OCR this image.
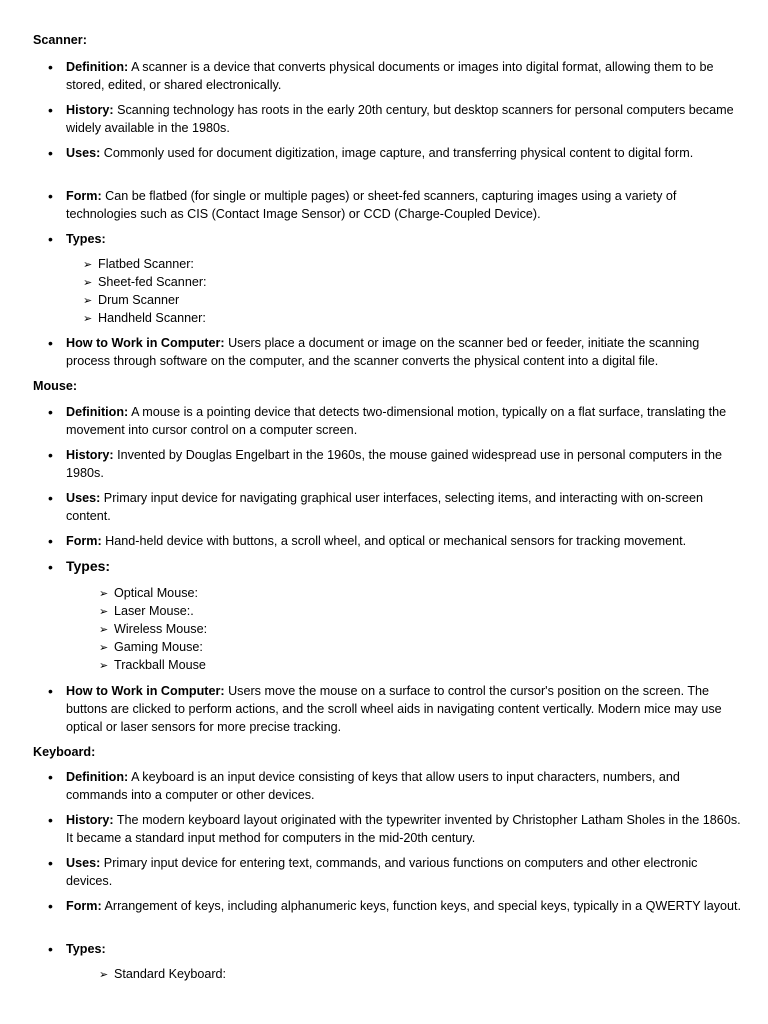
Scanner:
•	Definition: A scanner is a device that converts physical documents or images into digital format, allowing them to be stored, edited, or shared electronically.
•	History: Scanning technology has roots in the early 20th century, but desktop scanners for personal computers became widely available in the 1980s.
•	Uses: Commonly used for document digitization, image capture, and transferring physical content to digital form.
•	Form: Can be flatbed (for single or multiple pages) or sheet-fed scanners, capturing images using a variety of technologies such as CIS (Contact Image Sensor) or CCD (Charge-Coupled Device).
•	Types:
➢ Flatbed Scanner:
➢ Sheet-fed Scanner:
➢ Drum Scanner
➢ Handheld Scanner:
•	How to Work in Computer: Users place a document or image on the scanner bed or feeder, initiate the scanning process through software on the computer, and the scanner converts the physical content into a digital file.
Mouse:
•	Definition: A mouse is a pointing device that detects two-dimensional motion, typically on a flat surface, translating the movement into cursor control on a computer screen.
•	History: Invented by Douglas Engelbart in the 1960s, the mouse gained widespread use in personal computers in the 1980s.
•	Uses: Primary input device for navigating graphical user interfaces, selecting items, and interacting with on-screen content.
•	Form: Hand-held device with buttons, a scroll wheel, and optical or mechanical sensors for tracking movement.
• Types:
➢ Optical Mouse:
➢ Laser Mouse:.
➢ Wireless Mouse:
➢ Gaming Mouse:
➢ Trackball Mouse
•	How to Work in Computer: Users move the mouse on a surface to control the cursor's position on the screen. The buttons are clicked to perform actions, and the scroll wheel aids in navigating content vertically. Modern mice may use optical or laser sensors for more precise tracking.
Keyboard:
•	Definition: A keyboard is an input device consisting of keys that allow users to input characters, numbers, and commands into a computer or other devices.
•	History: The modern keyboard layout originated with the typewriter invented by Christopher Latham Sholes in the 1860s. It became a standard input method for computers in the mid-20th century.
•	Uses: Primary input device for entering text, commands, and various functions on computers and other electronic devices.
•	Form: Arrangement of keys, including alphanumeric keys, function keys, and special keys, typically in a QWERTY layout.
•	Types:
➢ Standard Keyboard:
